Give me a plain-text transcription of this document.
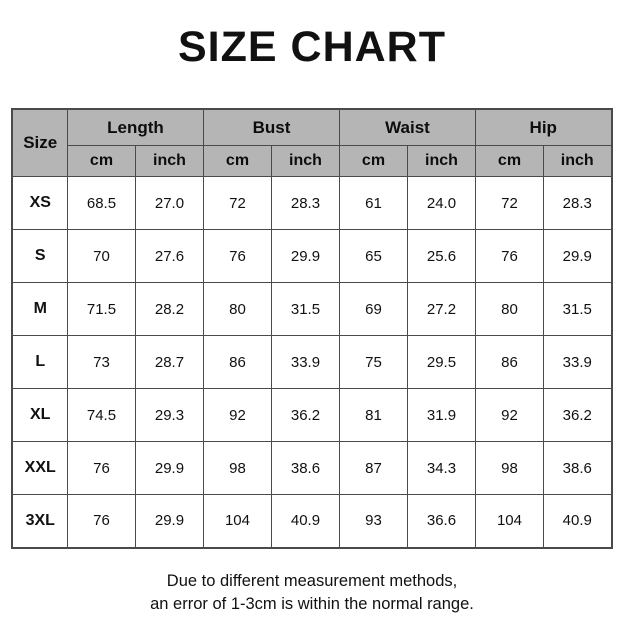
SIZE CHART
Size	Length		Bust		Waist		Hip	
	cm	inch	cm	inch	cm	inch	cm	inch
XS	68.5	27.0	72	28.3	61	24.0	72	28.3
S	70	27.6	76	29.9	65	25.6	76	29.9
M	71.5	28.2	80	31.5	69	27.2	80	31.5
L	73	28.7	86	33.9	75	29.5	86	33.9
XL	74.5	29.3	92	36.2	81	31.9	92	36.2
XXL	76	29.9	98	38.6	87	34.3	98	38.6
3XL	76	29.9	104	40.9	93	36.6	104	40.9

Due to different measurement methods,
an error of 1-3cm is within the normal range.
